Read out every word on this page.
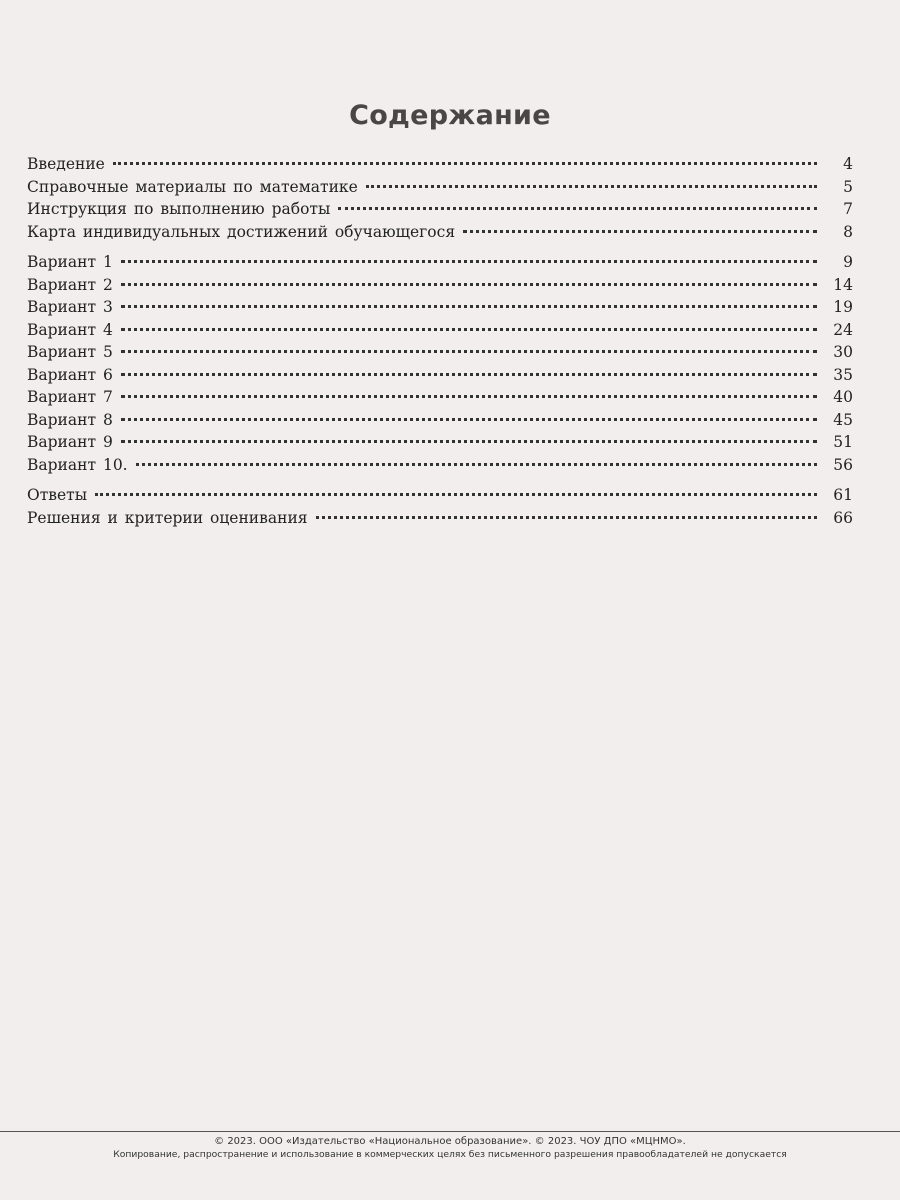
Содержание
Введение	4
Справочные материалы по математике	5
Инструкция по выполнению работы	7
Карта индивидуальных достижений обучающегося	8
Вариант 1	9
Вариант 2	14
Вариант 3	19
Вариант 4	24
Вариант 5	30
Вариант 6	35
Вариант 7	40
Вариант 8	45
Вариант 9	51
Вариант 10.	56
Ответы	61
Решения и критерии оценивания	66
© 2023. ООО «Издательство «Национальное образование». © 2023. ЧОУ ДПО «МЦНМО».
Копирование, распространение и использование в коммерческих целях без письменного разрешения правообладателей не допускается
